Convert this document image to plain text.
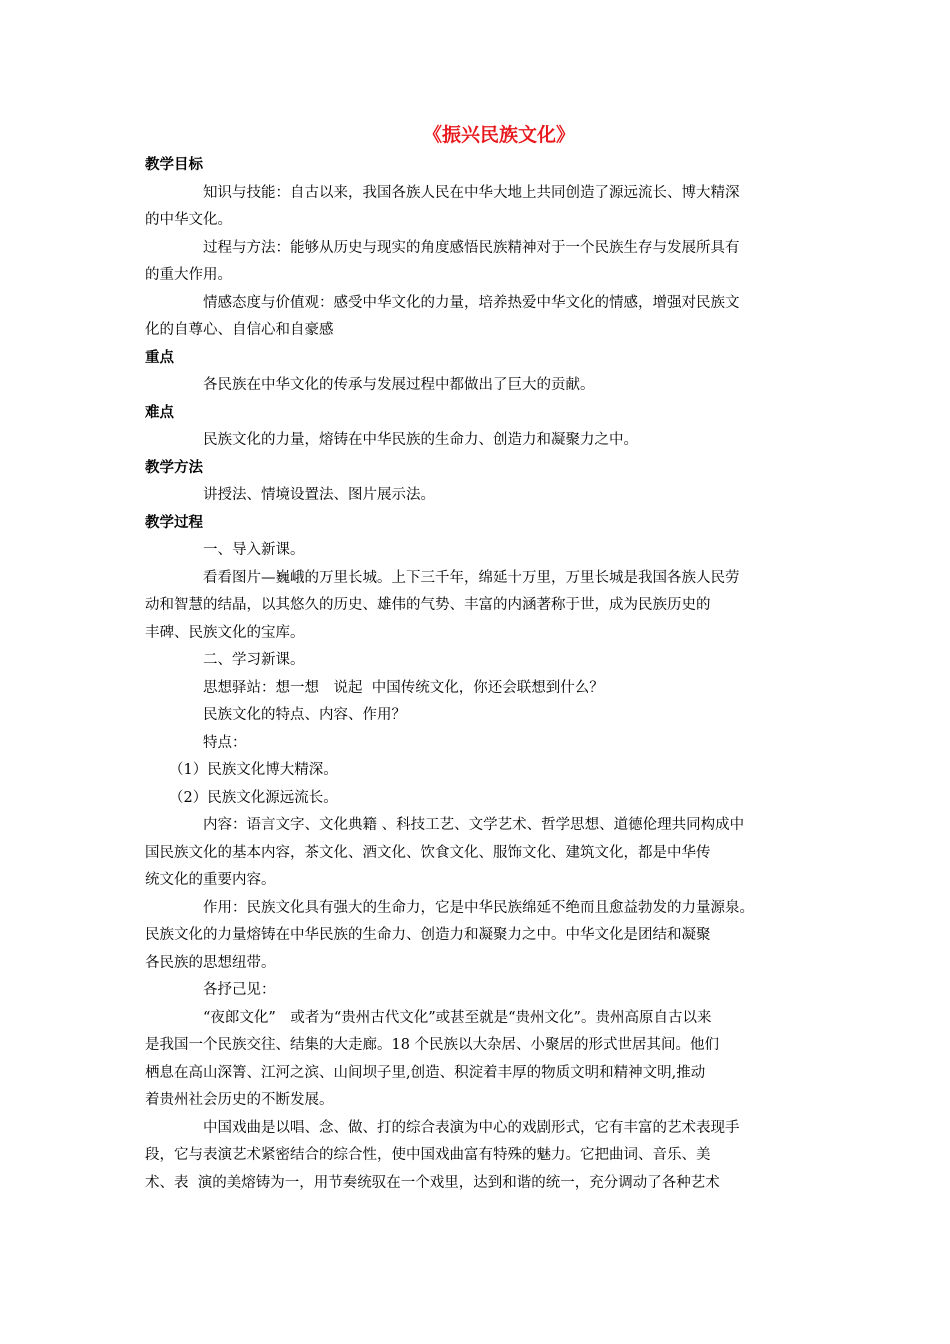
《振兴民族文化》
教学目标
知识与技能：自古以来，我国各族人民在中华大地上共同创造了源远流长、博大精深
的中华文化。
过程与方法：能够从历史与现实的角度感悟民族精神对于一个民族生存与发展所具有
的重大作用。
情感态度与价值观：感受中华文化的力量，培养热爱中华文化的情感，增强对民族文
化的自尊心、自信心和自豪感
重点
各民族在中华文化的传承与发展过程中都做出了巨大的贡献。
难点
民族文化的力量，熔铸在中华民族的生命力、创造力和凝聚力之中。
教学方法
讲授法、情境设置法、图片展示法。
教学过程
一、导入新课。
看看图片—巍峨的万里长城。上下三千年，绵延十万里，万里长城是我国各族人民劳
动和智慧的结晶，以其悠久的历史、雄伟的气势、丰富的内涵著称于世，成为民族历史的
丰碑、民族文化的宝库。
二、学习新课。
思想驿站：想一想　说起  中国传统文化，你还会联想到什么？
民族文化的特点、内容、作用？
特点：
（1）民族文化博大精深。
（2）民族文化源远流长。
内容：语言文字、文化典籍 、科技工艺、文学艺术、哲学思想、道德伦理共同构成中
国民族文化的基本内容，茶文化、酒文化、饮食文化、服饰文化、建筑文化，都是中华传
统文化的重要内容。
作用：民族文化具有强大的生命力，它是中华民族绵延不绝而且愈益勃发的力量源泉。
民族文化的力量熔铸在中华民族的生命力、创造力和凝聚力之中。中华文化是团结和凝聚
各民族的思想纽带。
各抒己见：
“夜郎文化”　或者为“贵州古代文化”或甚至就是“贵州文化”。贵州高原自古以来
是我国一个民族交往、结集的大走廊。18 个民族以大杂居、小聚居的形式世居其间。他们
栖息在高山深箐、江河之滨、山间坝子里,创造、积淀着丰厚的物质文明和精神文明,推动
着贵州社会历史的不断发展。
中国戏曲是以唱、念、做、打的综合表演为中心的戏剧形式，它有丰富的艺术表现手
段，它与表演艺术紧密结合的综合性，使中国戏曲富有特殊的魅力。它把曲词、音乐、美
术、表  演的美熔铸为一，用节奏统驭在一个戏里，达到和谐的统一，充分调动了各种艺术
